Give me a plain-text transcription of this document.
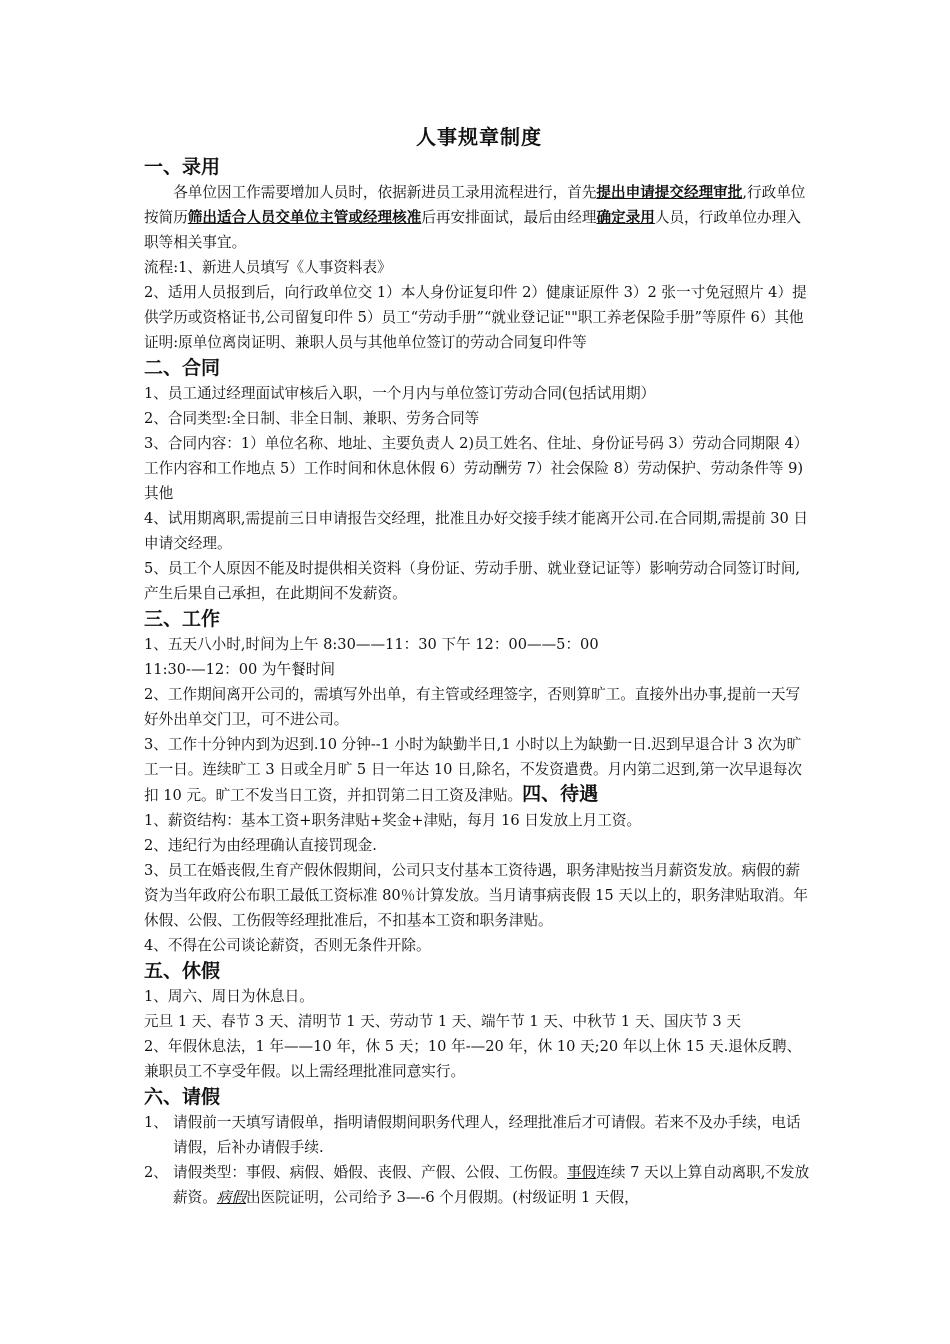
人事规章制度
一、录用

各单位因工作需要增加人员时，依据新进员工录用流程进行，首先提出申请提交经理审批,行政单位按简历筛出适合人员交单位主管或经理核准后再安排面试，最后由经理确定录用人员，行政单位办理入职等相关事宜。

流程:1、新进人员填写《人事资料表》

2、适用人员报到后，向行政单位交 1）本人身份证复印件 2）健康证原件 3）2 张一寸免冠照片 4）提供学历或资格证书,公司留复印件 5）员工“劳动手册”“就业登记证""职工养老保险手册”等原件 6）其他证明:原单位离岗证明、兼职人员与其他单位签订的劳动合同复印件等

二、合同

1、员工通过经理面试审核后入职，一个月内与单位签订劳动合同(包括试用期）

2、合同类型:全日制、非全日制、兼职、劳务合同等

3、合同内容：1）单位名称、地址、主要负责人 2)员工姓名、住址、身份证号码 3）劳动合同期限 4）工作内容和工作地点 5）工作时间和休息休假 6）劳动酬劳 7）社会保险 8）劳动保护、劳动条件等 9)其他

4、试用期离职,需提前三日申请报告交经理，批准且办好交接手续才能离开公司.在合同期,需提前 30 日申请交经理。

5、员工个人原因不能及时提供相关资料（身份证、劳动手册、就业登记证等）影响劳动合同签订时间,产生后果自己承担，在此期间不发薪资。

三、工作

1、五天八小时,时间为上午 8:30——11：30 下午 12：00——5：00

11:30-—12：00 为午餐时间

2、工作期间离开公司的，需填写外出单，有主管或经理签字，否则算旷工。直接外出办事,提前一天写好外出单交门卫，可不进公司。

3、工作十分钟内到为迟到.10 分钟--1 小时为缺勤半日,1 小时以上为缺勤一日.迟到早退合计 3 次为旷工一日。连续旷工 3 日或全月旷 5 日一年达 10 日,除名，不发资遣费。月内第二迟到,第一次早退每次扣 10 元。旷工不发当日工资，并扣罚第二日工资及津贴。四、待遇

1、薪资结构：基本工资+职务津贴+奖金+津贴，每月 16 日发放上月工资。

2、违纪行为由经理确认直接罚现金.

3、员工在婚丧假,生育产假休假期间，公司只支付基本工资待遇，职务津贴按当月薪资发放。病假的薪资为当年政府公布职工最低工资标准 80％计算发放。当月请事病丧假 15 天以上的，职务津贴取消。年休假、公假、工伤假等经理批准后，不扣基本工资和职务津贴。

4、不得在公司谈论薪资，否则无条件开除。

五、休假

1、周六、周日为休息日。

元旦 1 天、春节 3 天、清明节 1 天、劳动节 1 天、端午节 1 天、中秋节 1 天、国庆节 3 天

2、年假休息法，1 年——10 年，休 5 天；10 年-—20 年，休 10 天;20 年以上休 15 天.退休反聘、兼职员工不享受年假。以上需经理批准同意实行。

六、请假
1、 请假前一天填写请假单，指明请假期间职务代理人，经理批准后才可请假。若来不及办手续，电话请假，后补办请假手续.
2、 请假类型：事假、病假、婚假、丧假、产假、公假、工伤假。事假连续 7 天以上算自动离职,不发放薪资。病假出医院证明，公司给予 3—-6 个月假期。(村级证明 1 天假，
